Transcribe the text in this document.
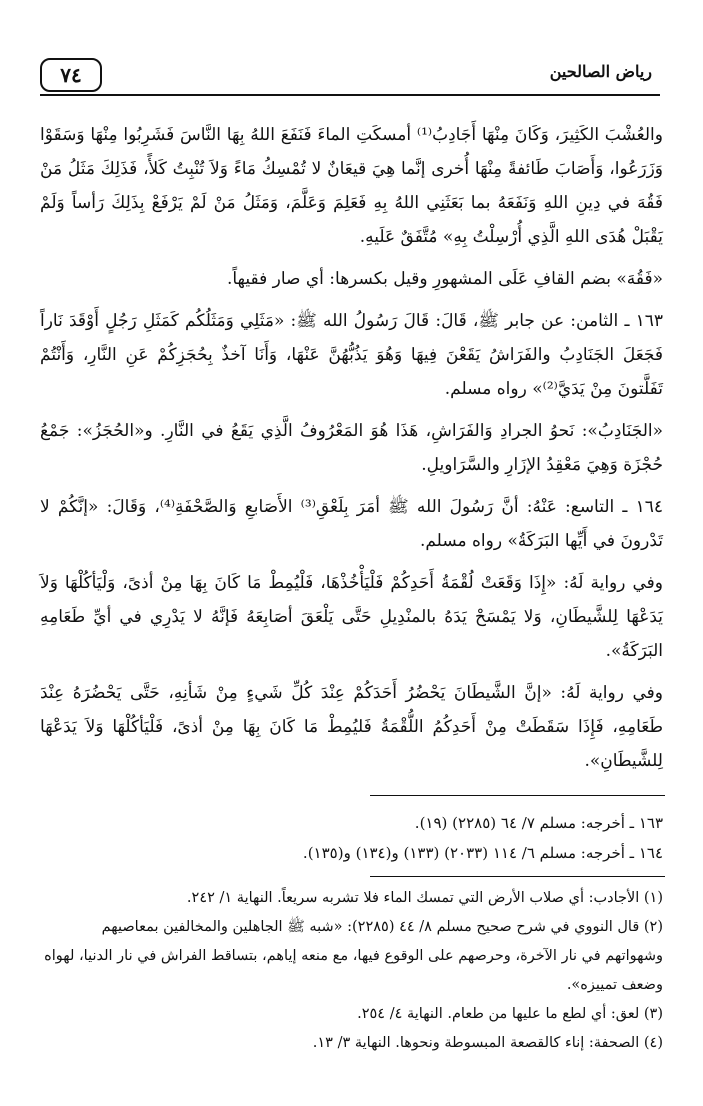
رياض الصالحين
٧٤

والعُشْبَ الكَثِيرَ، وَكَانَ مِنْهَا أَجَادِبُ⁽¹⁾ أمسكَتِ الماءَ فَنَفَعَ اللهُ بِهَا النَّاسَ فَشَرِبُوا مِنْهَا وَسَقَوْا وَزَرَعُوا، وَأَصَابَ طَائفةً مِنْهَا أُخرى إنَّما هِيَ قيعَانٌ لا تُمْسِكُ مَاءً وَلاَ تُنْبِتُ كَلأً، فَذَلِكَ مَثَلُ مَنْ فَقُهَ في دِينِ اللهِ وَنَفَعَهُ بما بَعَثَنِي اللهُ بِهِ فَعَلِمَ وَعَلَّمَ، وَمَثَلُ مَنْ لَمْ يَرْفَعْ بِذَلِكَ رَأساً وَلَمْ يَقْبَلْ هُدَى اللهِ الَّذِي أُرْسِلْتُ بِهِ» مُتَّفَقٌ عَلَيهِ.

«فَقُهَ» بضم القافِ عَلَى المشهورِ وقيل بكسرها: أي صار فقيهاً.

١٦٣ ـ الثامن: عن جابر ﷺ، قَالَ: قَالَ رَسُولُ الله ﷺ: «مَثَلِي وَمَثَلُكُم كَمَثَلِ رَجُلٍ أَوْقَدَ نَاراً فَجَعَلَ الجَنَادِبُ والفَرَاشُ يَقَعْنَ فِيهَا وَهُوَ يَذُبُّهُنَّ عَنْهَا، وَأَنَا آخذٌ بِحُجَزِكُمْ عَنِ النَّارِ، وَأَنْتُمْ تَفَلَّتونَ مِنْ يَدَيَّ⁽²⁾» رواه مسلم.

«الجَنَادِبُ»: نَحوُ الجرادِ وَالفَرَاشِ، هَذَا هُوَ المَعْرُوفُ الَّذِي يَقَعُ في النَّارِ. و«الحُجَزُ»: جَمْعُ حُجْزَة وَهِيَ مَعْقِدُ الإزَارِ والسَّرَاويلِ.

١٦٤ ـ التاسع: عَنْهُ: أنَّ رَسُولَ الله ﷺ أمَرَ بِلَعْقِ⁽³⁾ الأَصَابعِ وَالصَّحْفَةِ⁽⁴⁾، وَقَالَ: «إنَّكُمْ لا تَدْرونَ في أَيِّها البَرَكَةُ» رواه مسلم.

وفي رواية لَهُ: «إِذَا وَقَعَتْ لُقْمَةُ أَحَدِكُمْ فَلْيَأْخُذْهَا، فَلْيُمِطْ مَا كَانَ بِهَا مِنْ أذىً، وَلْيَأكُلْهَا وَلاَ يَدَعْهَا لِلشَّيطَانِ، وَلا يَمْسَحْ يَدَهُ بالمنْدِيلِ حَتَّى يَلْعَقَ أصَابِعَهُ فَإنَّهُ لا يَدْرِي في أيِّ طَعَامِهِ البَرَكَةُ».

وفي رواية لَهُ: «إنَّ الشَّيطَانَ يَحْضُرُ أَحَدَكُمْ عِنْدَ كُلِّ شَيءٍ مِنْ شَأنِهِ، حَتَّى يَحْضُرَهُ عِنْدَ طَعَامِهِ، فَإِذَا سَقَطَتْ مِنْ أَحَدِكُمُ اللُّقْمَةُ فَليُمِطْ مَا كَانَ بِهَا مِنْ أذىً، فَلْيَأكُلْهَا وَلاَ يَدَعْهَا لِلشَّيطَانِ».

١٦٣ ـ أخرجه: مسلم ٧/ ٦٤ (٢٢٨٥) (١٩).

١٦٤ ـ أخرجه: مسلم ٦/ ١١٤ (٢٠٣٣) (١٣٣) و(١٣٤) و(١٣٥).

(١) الأجادب: أي صلاب الأرض التي تمسك الماء فلا تشربه سريعاً. النهاية ١/ ٢٤٢.

(٢) قال النووي في شرح صحيح مسلم ٨/ ٤٤ (٢٢٨٥): «شبه ﷺ الجاهلين والمخالفين بمعاصيهم وشهواتهم في نار الآخرة، وحرصهم على الوقوع فيها، مع منعه إياهم، بتساقط الفراش في نار الدنيا، لهواه وضعف تمييزه».

(٣) لعق: أي لطع ما عليها من طعام. النهاية ٤/ ٢٥٤.

(٤) الصحفة: إناء كالقصعة المبسوطة ونحوها. النهاية ٣/ ١٣.
